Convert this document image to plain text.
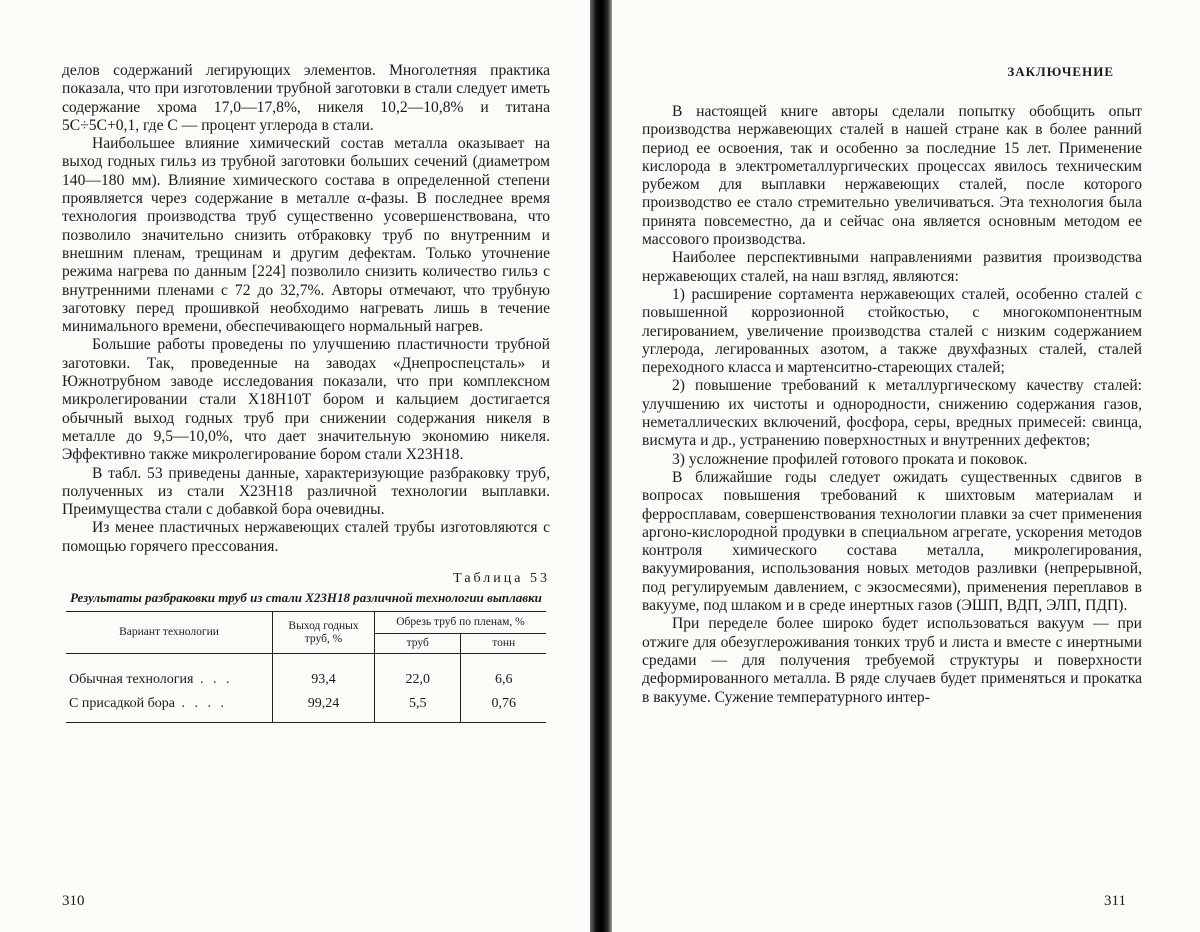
делов содержаний легирующих элементов. Многолетняя практика показала, что при изготовлении трубной заготовки в стали следует иметь содержание хрома 17,0—17,8%, никеля 10,2—10,8% и титана 5С÷5С+0,1, где С — процент углерода в стали.

Наибольшее влияние химический состав металла оказывает на выход годных гильз из трубной заготовки больших сечений (диаметром 140—180 мм). Влияние химического состава в определенной степени проявляется через содержание в металле α-фазы. В последнее время технология производства труб существенно усовершенствована, что позволило значительно снизить отбраковку труб по внутренним и внешним пленам, трещинам и другим дефектам. Только уточнение режима нагрева по данным [224] позволило снизить количество гильз с внутренними пленами с 72 до 32,7%. Авторы отмечают, что трубную заготовку перед прошивкой необходимо нагревать лишь в течение минимального времени, обеспечивающего нормальный нагрев.

Большие работы проведены по улучшению пластичности трубной заготовки. Так, проведенные на заводах «Днепроспецсталь» и Южнотрубном заводе исследования показали, что при комплексном микролегировании стали Х18Н10Т бором и кальцием достигается обычный выход годных труб при снижении содержания никеля в металле до 9,5—10,0%, что дает значительную экономию никеля. Эффективно также микролегирование бором стали Х23Н18.

В табл. 53 приведены данные, характеризующие разбраковку труб, полученных из стали Х23Н18 различной технологии выплавки. Преимущества стали с добавкой бора очевидны.

Из менее пластичных нержавеющих сталей трубы изготовляются с помощью горячего прессования.

Таблица 53
Результаты разбраковки труб из стали Х23Н18 различной технологии выплавки
Вариант технологии	Выход годных труб, %	Обрезь труб по пленам, %	
		труб	тонн
Обычная технология . . .	93,4	22,0	6,6
С присадкой бора . . . .	99,24	5,5	0,76
310
ЗАКЛЮЧЕНИЕ

В настоящей книге авторы сделали попытку обобщить опыт производства нержавеющих сталей в нашей стране как в более ранний период ее освоения, так и особенно за последние 15 лет. Применение кислорода в электрометаллургических процессах явилось техническим рубежом для выплавки нержавеющих сталей, после которого производство ее стало стремительно увеличиваться. Эта технология была принята повсеместно, да и сейчас она является основным методом ее массового производства.

Наиболее перспективными направлениями развития производства нержавеющих сталей, на наш взгляд, являются:

1) расширение сортамента нержавеющих сталей, особенно сталей с повышенной коррозионной стойкостью, с многокомпонентным легированием, увеличение производства сталей с низким содержанием углерода, легированных азотом, а также двухфазных сталей, сталей переходного класса и мартенситно-стареющих сталей;

2) повышение требований к металлургическому качеству сталей: улучшению их чистоты и однородности, снижению содержания газов, неметаллических включений, фосфора, серы, вредных примесей: свинца, висмута и др., устранению поверхностных и внутренних дефектов;

3) усложнение профилей готового проката и поковок.

В ближайшие годы следует ожидать существенных сдвигов в вопросах повышения требований к шихтовым материалам и ферросплавам, совершенствования технологии плавки за счет применения аргоно-кислородной продувки в специальном агрегате, ускорения методов контроля химического состава металла, микролегирования, вакуумирования, использования новых методов разливки (непрерывной, под регулируемым давлением, с экзосмесями), применения переплавов в вакууме, под шлаком и в среде инертных газов (ЭШП, ВДП, ЭЛП, ПДП).

При переделе более широко будет использоваться вакуум — при отжиге для обезуглероживания тонких труб и листа и вместе с инертными средами — для получения требуемой структуры и поверхности деформированного металла. В ряде случаев будет применяться и прокатка в вакууме. Сужение температурного интер-

311
